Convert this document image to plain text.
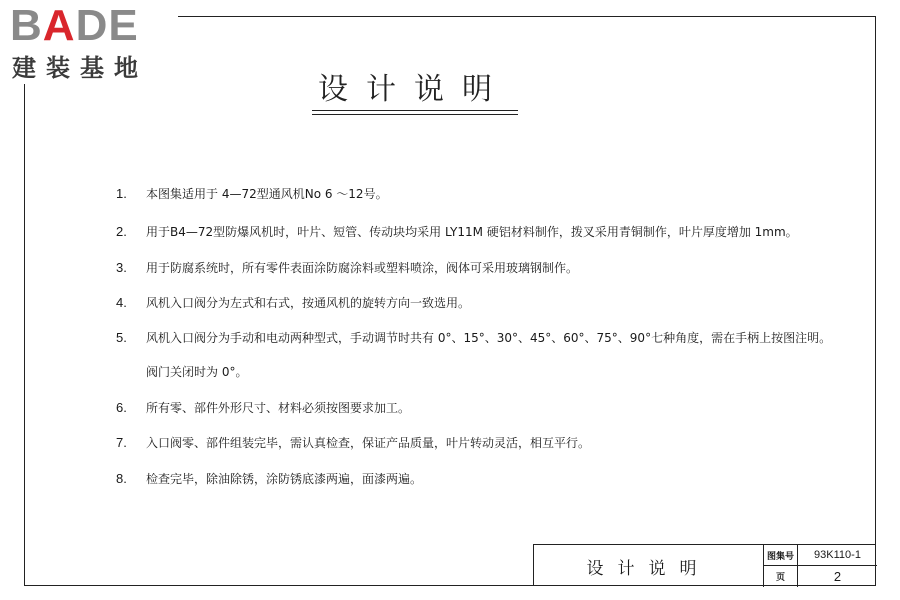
BADE
建装基地
设计说明
1.	本图集适用于 4—72型通风机No 6 ～12号。
2.	用于B4—72型防爆风机时，叶片、短管、传动块均采用 LY11M 硬铝材料制作，拨叉采用青铜制作，叶片厚度增加 1mm。
3.	用于防腐系统时，所有零件表面涂防腐涂料或塑料喷涂，阀体可采用玻璃钢制作。
4.	风机入口阀分为左式和右式，按通风机的旋转方向一致选用。
5.	风机入口阀分为手动和电动两种型式，手动调节时共有 0°、15°、30°、45°、60°、75°、90°七种角度，需在手柄上按图注明。
阀门关闭时为 0°。
6.	所有零、部件外形尺寸、材料必须按图要求加工。
7.	入口阀零、部件组装完毕，需认真检查，保证产品质量，叶片转动灵活，相互平行。
8.	检查完毕，除油除锈，涂防锈底漆两遍，面漆两遍。
设计说明
图集号	93K110-1
页	2
